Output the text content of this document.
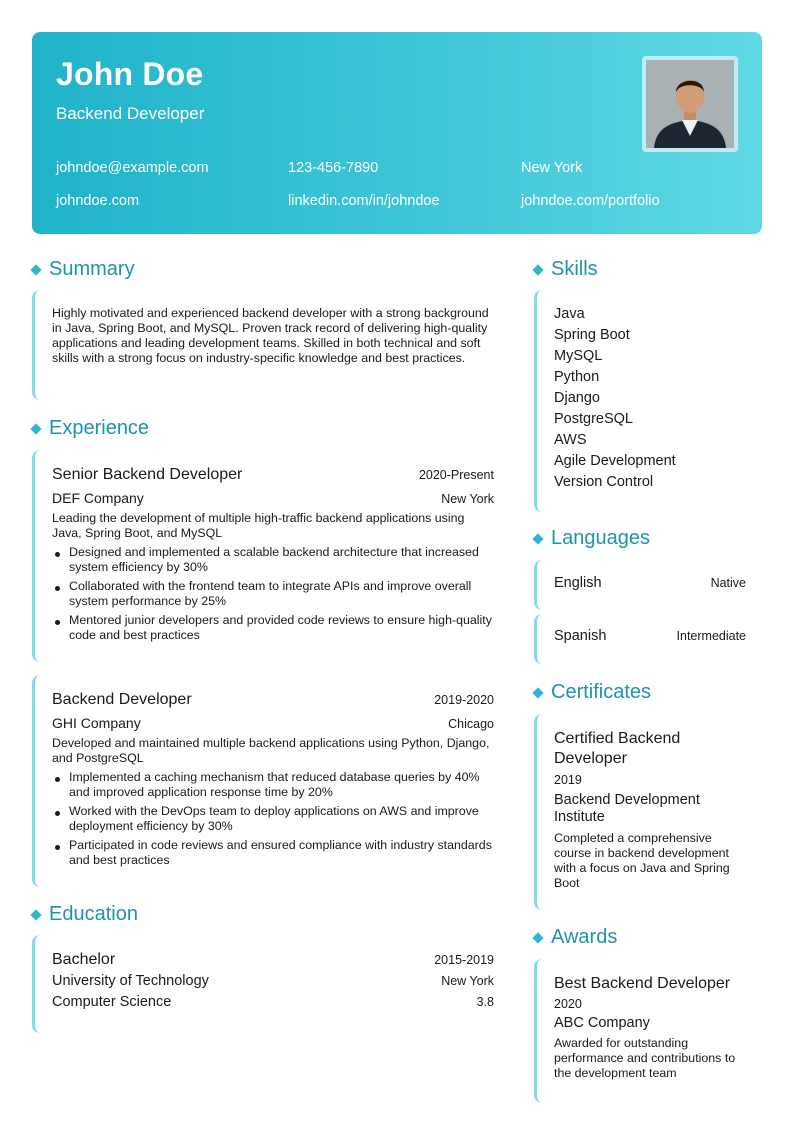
John Doe
Backend Developer
johndoe@example.com	123-456-7890	New York
johndoe.com	linkedin.com/in/johndoe	johndoe.com/portfolio
Summary
Highly motivated and experienced backend developer with a strong background in Java, Spring Boot, and MySQL. Proven track record of delivering high-quality applications and leading development teams. Skilled in both technical and soft skills with a strong focus on industry-specific knowledge and best practices.
Experience
Senior Backend Developer	2020-Present
DEF Company	New York
Leading the development of multiple high-traffic backend applications using Java, Spring Boot, and MySQL
Designed and implemented a scalable backend architecture that increased system efficiency by 30%
Collaborated with the frontend team to integrate APIs and improve overall system performance by 25%
Mentored junior developers and provided code reviews to ensure high-quality code and best practices
Backend Developer	2019-2020
GHI Company	Chicago
Developed and maintained multiple backend applications using Python, Django, and PostgreSQL
Implemented a caching mechanism that reduced database queries by 40% and improved application response time by 20%
Worked with the DevOps team to deploy applications on AWS and improve deployment efficiency by 30%
Participated in code reviews and ensured compliance with industry standards and best practices
Education
Bachelor	2015-2019
University of Technology	New York
Computer Science	3.8
Skills
Java
Spring Boot
MySQL
Python
Django
PostgreSQL
AWS
Agile Development
Version Control
Languages
English	Native
Spanish	Intermediate
Certificates
Certified Backend Developer
2019
Backend Development Institute
Completed a comprehensive course in backend development with a focus on Java and Spring Boot
Awards
Best Backend Developer
2020
ABC Company
Awarded for outstanding performance and contributions to the development team
